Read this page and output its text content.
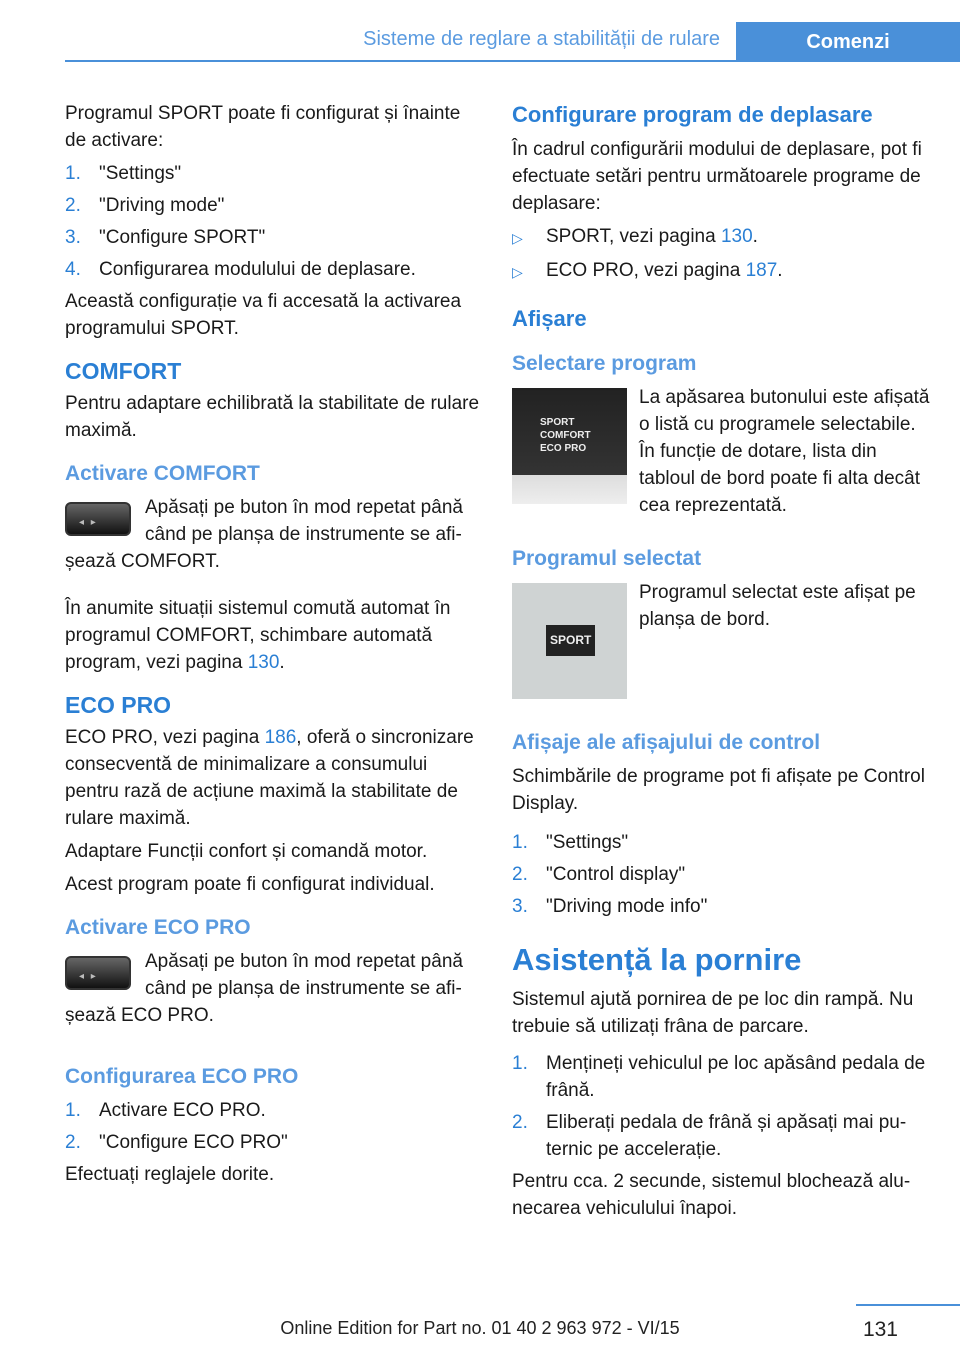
Sisteme de reglare a stabilității de rulare	Comenzi

Programul SPORT poate fi configurat și înainte de activare:

1. "Settings"
2. "Driving mode"
3. "Configure SPORT"
4. Configurarea modulului de deplasare.

Această configurație va fi accesată la activarea programului SPORT.

COMFORT

Pentru adaptare echilibrată la stabilitate de rulare maximă.

Activare COMFORT
◂ ▸

Apăsați pe buton în mod repetat până când pe planșa de instrumente se afișează COMFORT.

În anumite situații sistemul comută automat în programul COMFORT, schimbare automată program, vezi pagina 130.

ECO PRO

ECO PRO, vezi pagina 186, oferă o sincronizare consecventă de minimalizare a consumului pentru rază de acțiune maximă la stabilitate de rulare maximă.

Adaptare Funcții confort și comandă motor.

Acest program poate fi configurat individual.

Activare ECO PRO
◂ ▸

Apăsați pe buton în mod repetat până când pe planșa de instrumente se afișează ECO PRO.

Configurarea ECO PRO
1. Activare ECO PRO.
2. "Configure ECO PRO"

Efectuați reglajele dorite.

Configurare program de deplasare

În cadrul configurării modului de deplasare, pot fi efectuate setări pentru următoarele programe de deplasare:

▷	SPORT, vezi pagina 130.
▷	ECO PRO, vezi pagina 187.
Afișare
Selectare program
SPORT
COMFORT
ECO PRO

La apăsarea butonului este afișată o listă cu programele selectabile. În funcție de dotare, lista din tabloul de bord poate fi alta decât cea reprezentată.

Programul selectat
SPORT

Programul selectat este afișat pe planșa de bord.

Afișaje ale afișajului de control

Schimbările de programe pot fi afișate pe Control Display.

1. "Settings"
2. "Control display"
3. "Driving mode info"
Asistență la pornire

Sistemul ajută pornirea de pe loc din rampă. Nu trebuie să utilizați frâna de parcare.

1. Mențineți vehiculul pe loc apăsând pedala de frână.
2. Eliberați pedala de frână și apăsați mai puternic pe accelerație.

Pentru cca. 2 secunde, sistemul blochează alunecarea vehiculului înapoi.

131
Online Edition for Part no. 01 40 2 963 972 - VI/15
